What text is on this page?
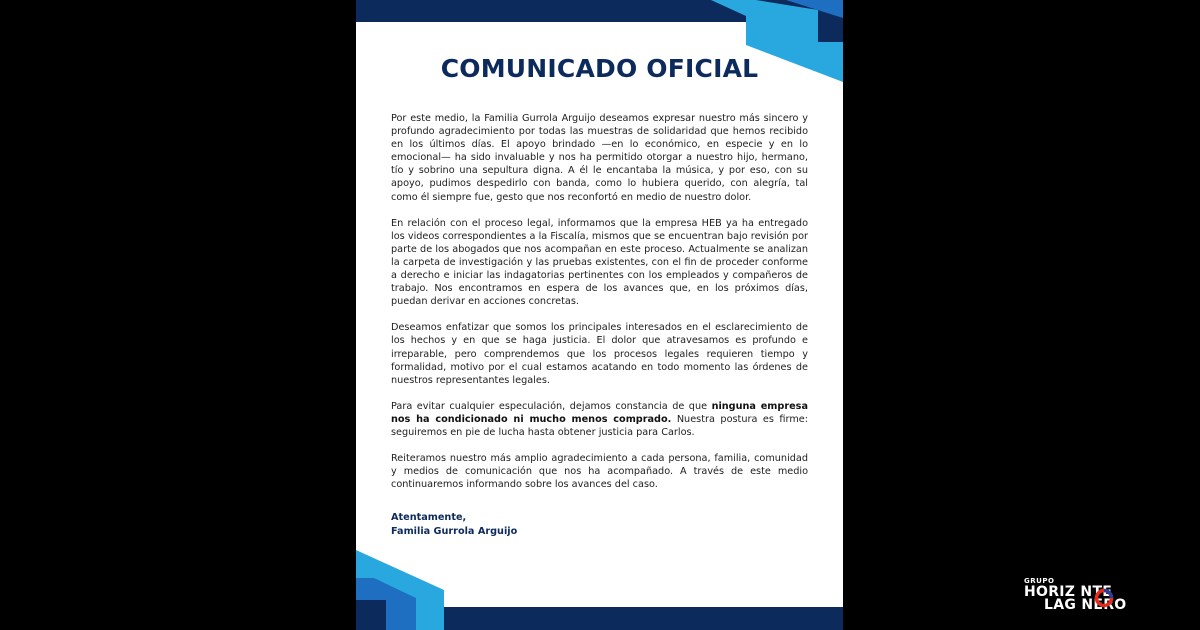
COMUNICADO OFICIAL

Por este medio, la Familia Gurrola Arguijo deseamos expresar nuestro más sincero y profundo agradecimiento por todas las muestras de solidaridad que hemos recibido en los últimos días. El apoyo brindado —en lo económico, en especie y en lo emocional— ha sido invaluable y nos ha permitido otorgar a nuestro hijo, hermano, tío y sobrino una sepultura digna. A él le encantaba la música, y por eso, con su apoyo, pudimos despedirlo con banda, como lo hubiera querido, con alegría, tal como él siempre fue, gesto que nos reconfortó en medio de nuestro dolor.

En relación con el proceso legal, informamos que la empresa HEB ya ha entregado los videos correspondientes a la Fiscalía, mismos que se encuentran bajo revisión por parte de los abogados que nos acompañan en este proceso. Actualmente se analizan la carpeta de investigación y las pruebas existentes, con el fin de proceder conforme a derecho e iniciar las indagatorias pertinentes con los empleados y compañeros de trabajo. Nos encontramos en espera de los avances que, en los próximos días, puedan derivar en acciones concretas.

Deseamos enfatizar que somos los principales interesados en el esclarecimiento de los hechos y en que se haga justicia. El dolor que atravesamos es profundo e irreparable, pero comprendemos que los procesos legales requieren tiempo y formalidad, motivo por el cual estamos acatando en todo momento las órdenes de nuestros representantes legales.

Para evitar cualquier especulación, dejamos constancia de que ninguna empresa nos ha condicionado ni mucho menos comprado. Nuestra postura es firme: seguiremos en pie de lucha hasta obtener justicia para Carlos.

Reiteramos nuestro más amplio agradecimiento a cada persona, familia, comunidad y medios de comunicación que nos ha acompañado. A través de este medio continuaremos informando sobre los avances del caso.

Atentamente,
Familia Gurrola Arguijo
GRUPO
HORIZ NTE
LAG NERO
